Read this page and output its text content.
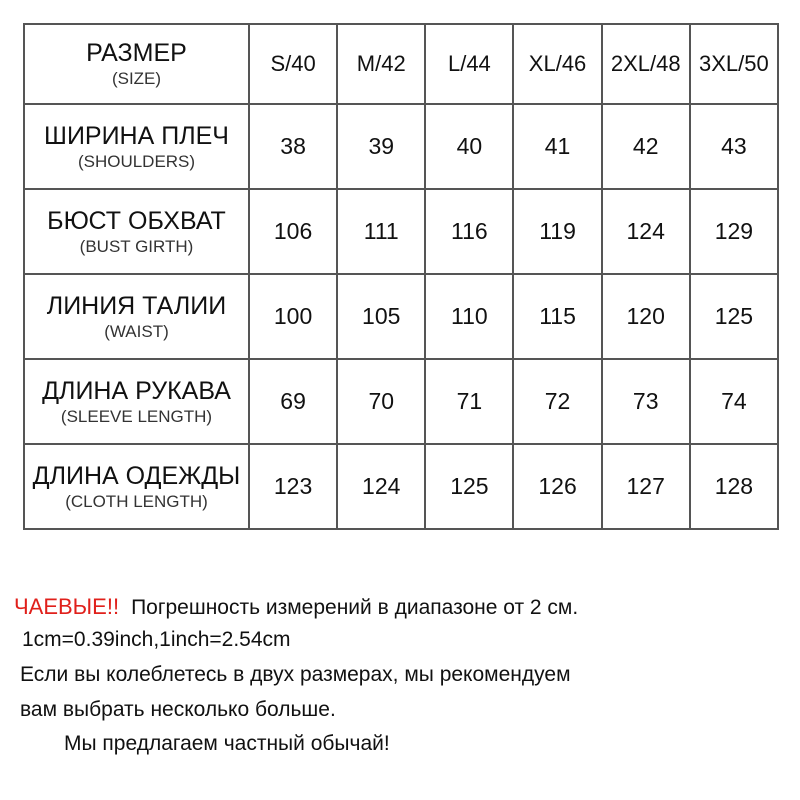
РАЗМЕР
(SIZE)	S/40	M/42	L/44	XL/46	2XL/48	3XL/50

ШИРИНА ПЛЕЧ
(SHOULDERS)	38	39	40	41	42	43

БЮСТ ОБХВАТ
(BUST GIRTH)	106	111	116	119	124	129

ЛИНИЯ ТАЛИИ
(WAIST)	100	105	110	115	120	125

ДЛИНА РУКАВА
(SLEEVE LENGTH)	69	70	71	72	73	74

ДЛИНА ОДЕЖДЫ
(CLOTH LENGTH)	123	124	125	126	127	128
ЧАЕВЫЕ!! Погрешность измерений в диапазоне от 2 см.
1cm=0.39inch,1inch=2.54cm
Если вы колеблетесь в двух размерах, мы рекомендуем
вам выбрать несколько больше.
Мы предлагаем частный обычай!
